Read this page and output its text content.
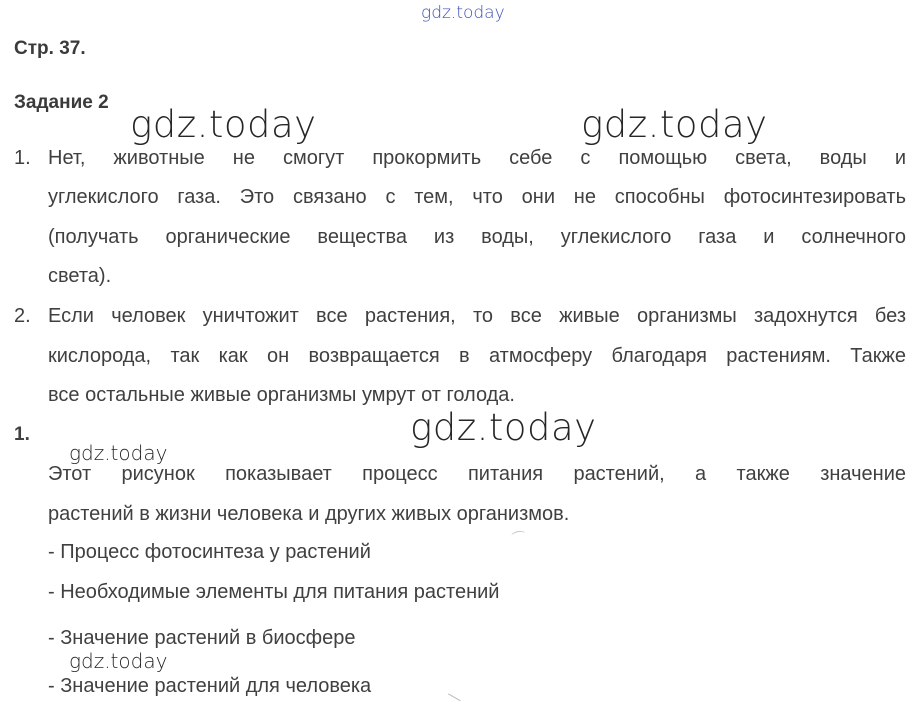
gdz.today
gdz.today	gdz.today
gdz.today
gdz.today
gdz.today
Стр. 37.
Задание 2
1. Нет, животные не смогут прокормить себе с помощью света, воды и
углекислого газа. Это связано с тем, что они не способны фотосинтезировать
(получать органические вещества из воды, углекислого газа и солнечного
света).
2. Если человек уничтожит все растения, то все живые организмы задохнутся без
кислорода, так как он возвращается в атмосферу благодаря растениям. Также
все остальные живые организмы умрут от голода.
1.
Этот рисунок показывает процесс питания растений, а также значение
растений в жизни человека и других живых организмов.
- Процесс фотосинтеза у растений
- Необходимые элементы для питания растений
- Значение растений в биосфере
- Значение растений для человека
⌒
—
